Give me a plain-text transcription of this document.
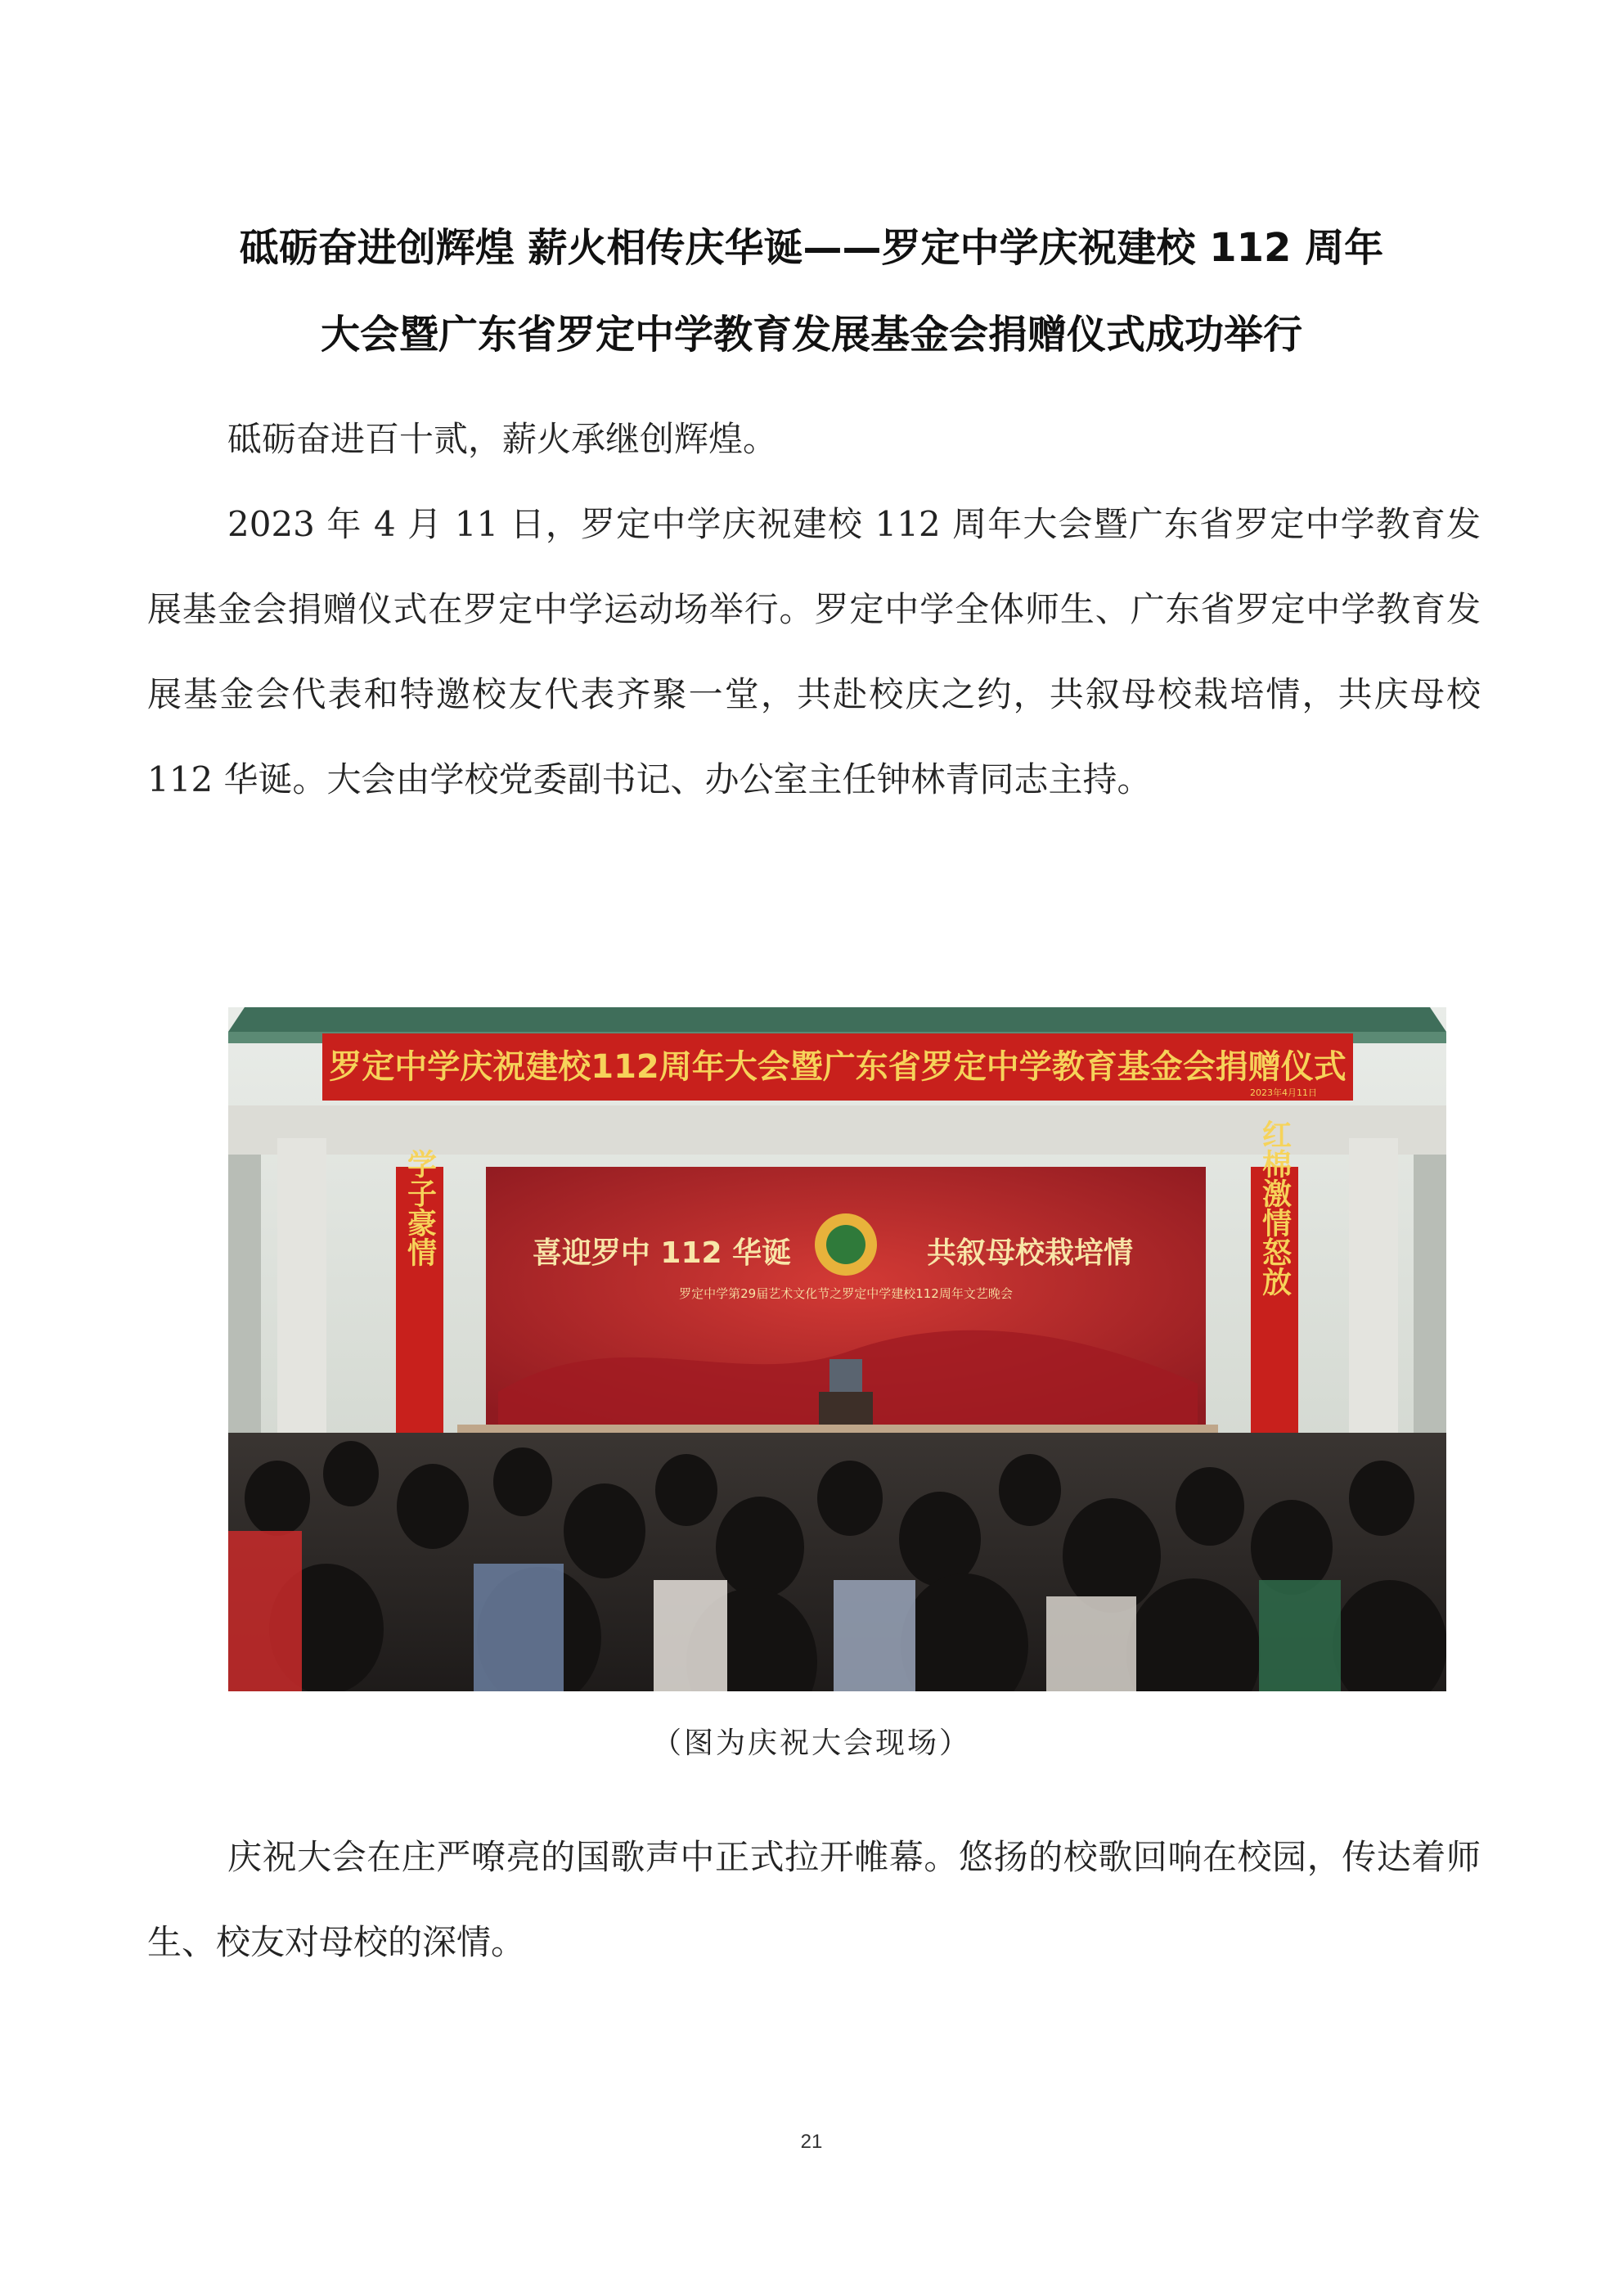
砥砺奋进创辉煌 薪火相传庆华诞——罗定中学庆祝建校 112 周年
大会暨广东省罗定中学教育发展基金会捐赠仪式成功举行

砥砺奋进百十贰，薪火承继创辉煌。

2023 年 4 月 11 日，罗定中学庆祝建校 112 周年大会暨广东省罗定中学教育发展基金会捐赠仪式在罗定中学运动场举行。罗定中学全体师生、广东省罗定中学教育发展基金会代表和特邀校友代表齐聚一堂，共赴校庆之约，共叙母校栽培情，共庆母校 112 华诞。大会由学校党委副书记、办公室主任钟林青同志主持。

罗定中学庆祝建校112周年大会暨广东省罗定中学教育基金会捐赠仪式
2023年4月11日
学子豪情	红棉激情怒放
喜迎罗中 112 华诞	共叙母校栽培情
罗定中学第29届艺术文化节之罗定中学建校112周年文艺晚会
（图为庆祝大会现场）

庆祝大会在庄严嘹亮的国歌声中正式拉开帷幕。悠扬的校歌回响在校园，传达着师生、校友对母校的深情。

21
